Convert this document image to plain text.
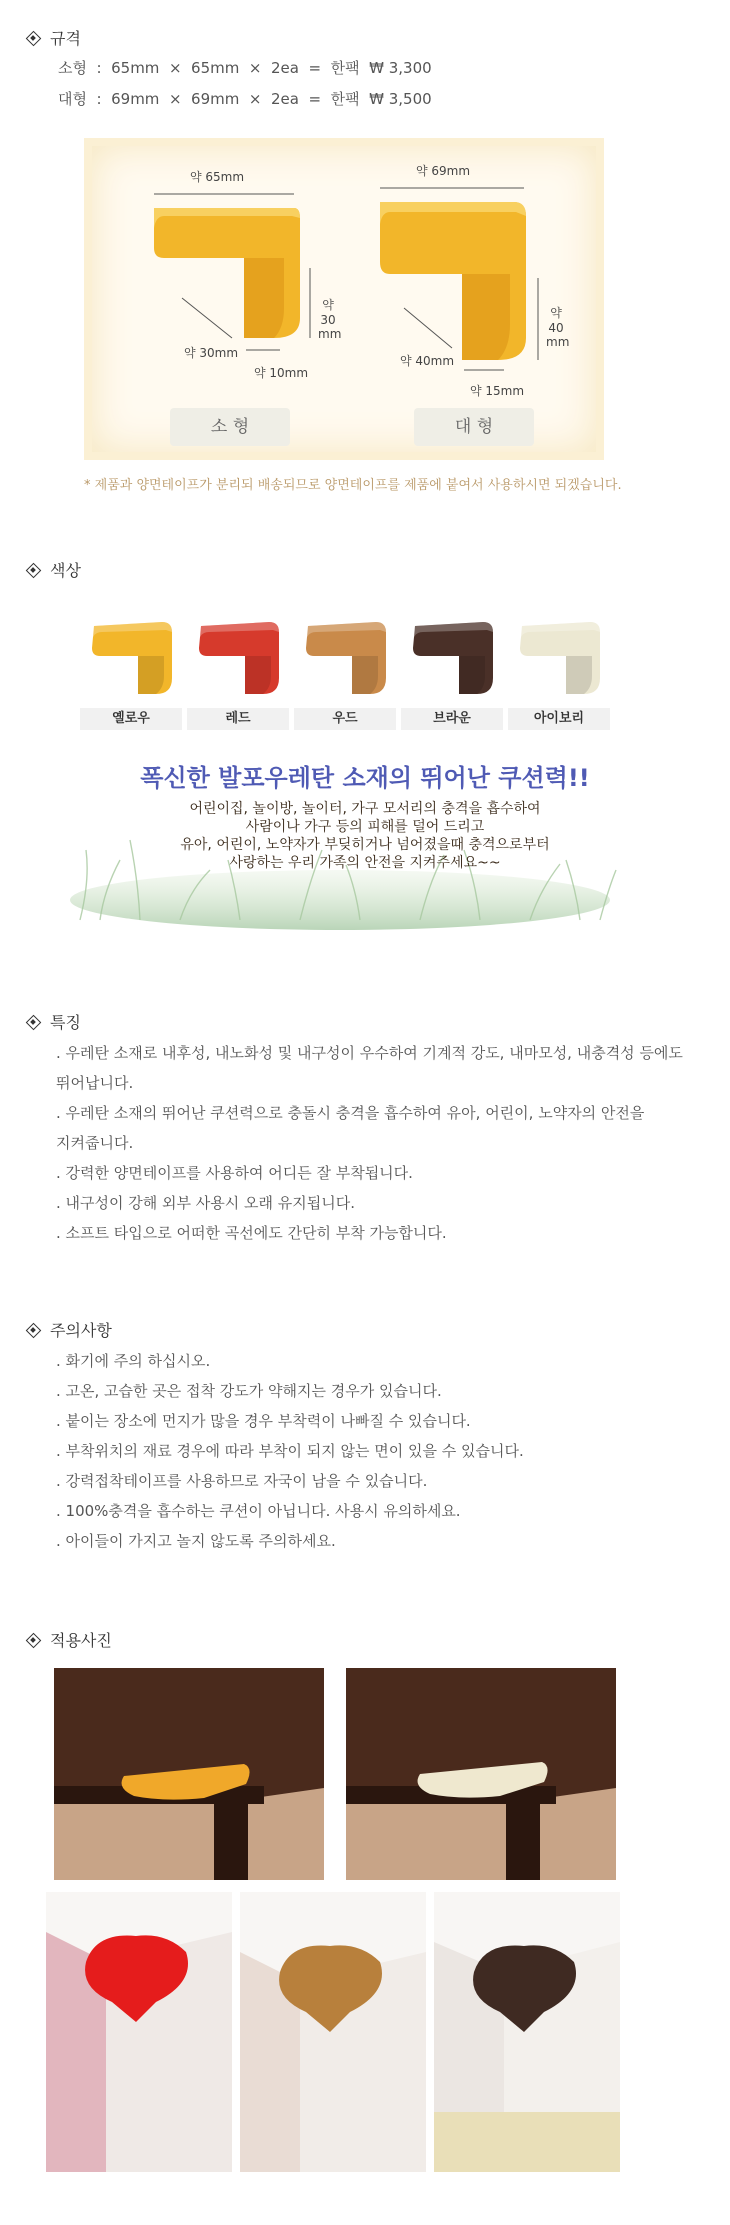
규격
소형  :  65mm  ×  65mm  ×  2ea  =  한팩  ₩ 3,300
대형  :  69mm  ×  69mm  ×  2ea  =  한팩  ₩ 3,500
약 65mm
약 30 mm
약 30mm
약 10mm
약 69mm
약 40 mm
약 40mm
약 15mm
소 형	대 형
* 제품과 양면테이프가 분리되 배송되므로 양면테이프를 제품에 붙여서 사용하시면 되겠습니다.
색상
옐로우	레드	우드	브라운	아이보리
폭신한 발포우레탄 소재의 뛰어난 쿠션력!!
어린이집, 놀이방, 놀이터, 가구 모서리의 충격을 흡수하여
사람이나 가구 등의 피해를 덜어 드리고
유아, 어린이, 노약자가 부딪히거나 넘어졌을때 충격으로부터
사랑하는 우리 가족의 안전을 지켜주세요~~
특징
. 우레탄 소재로 내후성, 내노화성 및 내구성이 우수하여 기계적 강도, 내마모성, 내충격성 등에도
뛰어납니다.
. 우레탄 소재의 뛰어난 쿠션력으로 충돌시 충격을 흡수하여 유아, 어린이, 노약자의 안전을
지켜줍니다.
. 강력한 양면테이프를 사용하여 어디든 잘 부착됩니다.
. 내구성이 강해 외부 사용시 오래 유지됩니다.
. 소프트 타입으로 어떠한 곡선에도 간단히 부착 가능합니다.
주의사항
. 화기에 주의 하십시오.
. 고온, 고습한 곳은 접착 강도가 약해지는 경우가 있습니다.
. 붙이는 장소에 먼지가 많을 경우 부착력이 나빠질 수 있습니다.
. 부착위치의 재료 경우에 따라 부착이 되지 않는 면이 있을 수 있습니다.
. 강력접착테이프를 사용하므로 자국이 남을 수 있습니다.
. 100%충격을 흡수하는 쿠션이 아닙니다. 사용시 유의하세요.
. 아이들이 가지고 놀지 않도록 주의하세요.
적용사진
